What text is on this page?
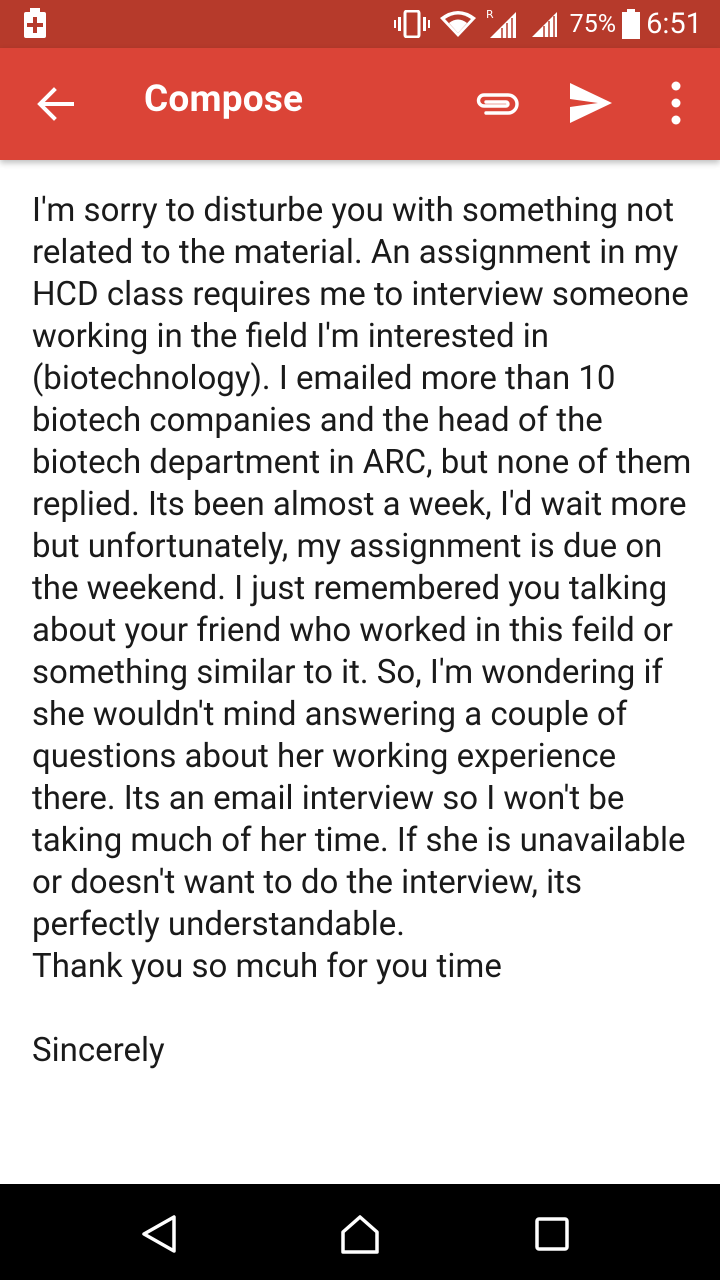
R	75% 6:51
Compose
I'm sorry to disturbe you with something not related to the material. An assignment in my HCD class requires me to interview someone working in the field I'm interested in (biotechnology). I emailed more than 10 biotech companies and the head of the biotech department in ARC, but none of them replied. Its been almost a week, I'd wait more but unfortunately, my assignment is due on the weekend. I just remembered you talking about your friend who worked in this feild or something similar to it. So, I'm wondering if she wouldn't mind answering a couple of questions about her working experience there. Its an email interview so I won't be taking much of her time. If she is unavailable or doesn't want to do the interview, its perfectly understandable.
Thank you so mcuh for you time

Sincerely
